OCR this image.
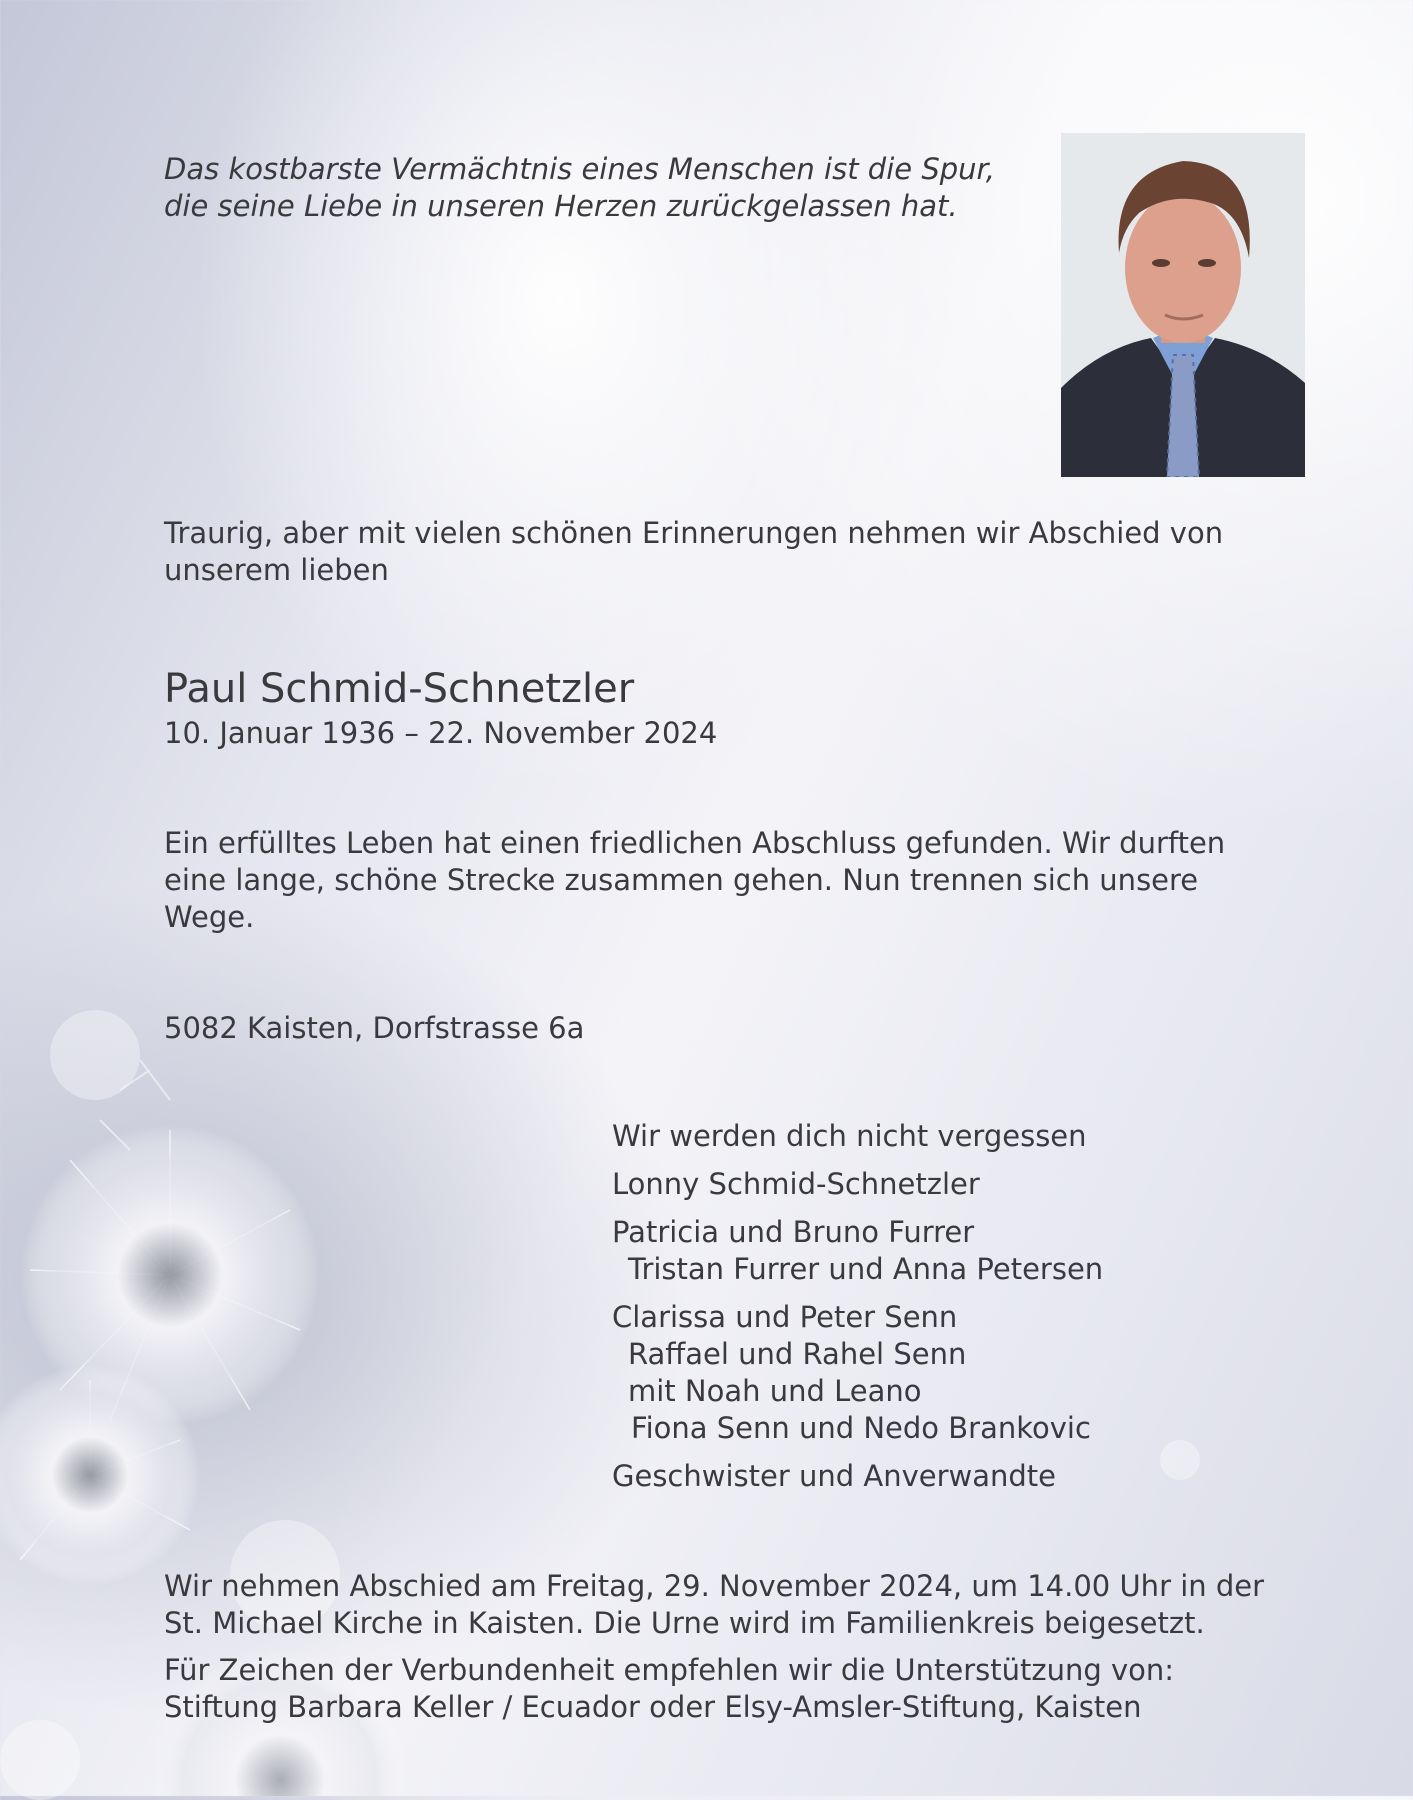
Das kostbarste Vermächtnis eines Menschen ist die Spur,
die seine Liebe in unseren Herzen zurückgelassen hat.
Traurig, aber mit vielen schönen Erinnerungen nehmen wir Abschied von
unserem lieben
Paul Schmid-Schnetzler
10. Januar 1936 – 22. November 2024
Ein erfülltes Leben hat einen friedlichen Abschluss gefunden. Wir durften
eine lange, schöne Strecke zusammen gehen. Nun trennen sich unsere
Wege.
5082 Kaisten, Dorfstrasse 6a
Wir werden dich nicht vergessen
Lonny Schmid-Schnetzler
Patricia und Bruno Furrer
Tristan Furrer und Anna Petersen
Clarissa und Peter Senn
Raffael und Rahel Senn
mit Noah und Leano
Fiona Senn und Nedo Brankovic
Geschwister und Anverwandte
Wir nehmen Abschied am Freitag, 29. November 2024, um 14.00 Uhr in der
St. Michael Kirche in Kaisten. Die Urne wird im Familienkreis beigesetzt.
Für Zeichen der Verbundenheit empfehlen wir die Unterstützung von:
Stiftung Barbara Keller / Ecuador oder Elsy-Amsler-Stiftung, Kaisten
